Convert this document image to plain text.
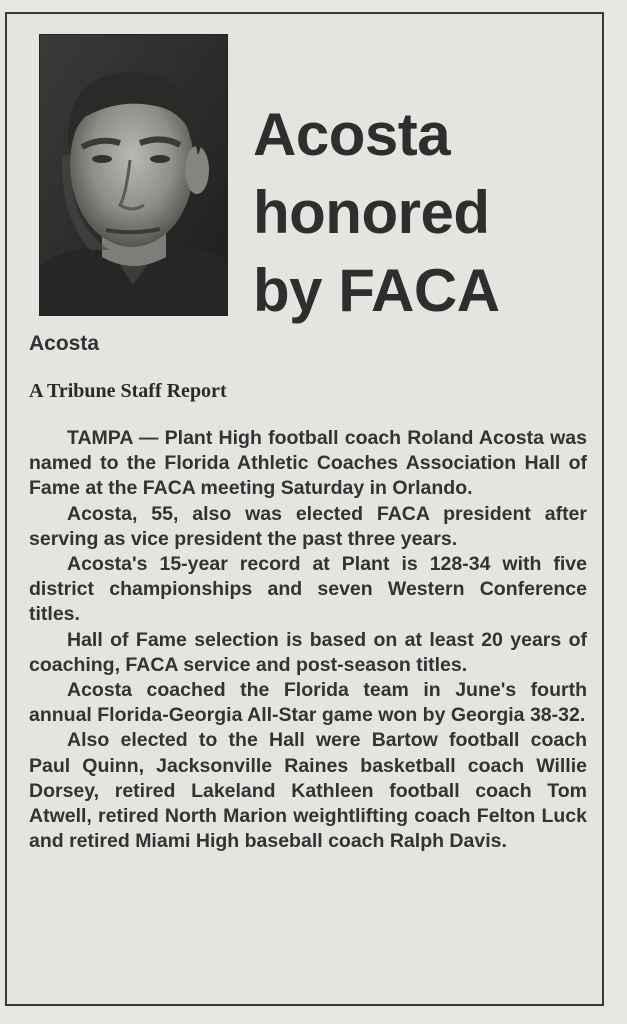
Acosta
Acosta
honored
by FACA
A Tribune Staff Report

TAMPA — Plant High football coach Roland Acosta was named to the Florida Athletic Coaches Association Hall of Fame at the FACA meeting Saturday in Orlando.

Acosta, 55, also was elected FACA president after serving as vice president the past three years.

Acosta's 15-year record at Plant is 128-34 with five district championships and seven Western Conference titles.

Hall of Fame selection is based on at least 20 years of coaching, FACA service and post-season titles.

Acosta coached the Florida team in June's fourth annual Florida-Georgia All-Star game won by Georgia 38-32.

Also elected to the Hall were Bartow football coach Paul Quinn, Jacksonville Raines basketball coach Willie Dorsey, retired Lakeland Kathleen football coach Tom Atwell, retired North Marion weightlifting coach Felton Luck and retired Miami High baseball coach Ralph Davis.
